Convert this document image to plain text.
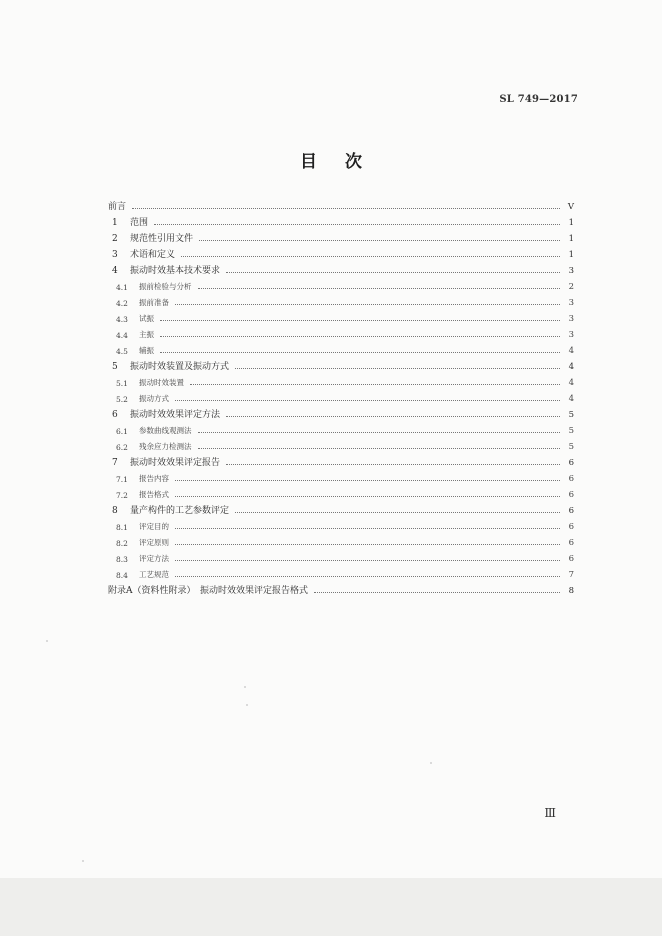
SL 749—2017
目次
前言	V
1	范围	1
2	规范性引用文件	1
3	术语和定义	1
4	振动时效基本技术要求	3
4.1	振前检验与分析	2
4.2	振前准备	3
4.3	试振	3
4.4	主振	3
4.5	辅振	4
5	振动时效装置及振动方式	4
5.1	振动时效装置	4
5.2	振动方式	4
6	振动时效效果评定方法	5
6.1	参数曲线观测法	5
6.2	残余应力检测法	5
7	振动时效效果评定报告	6
7.1	报告内容	6
7.2	报告格式	6
8	量产构件的工艺参数评定	6
8.1	评定目的	6
8.2	评定原则	6
8.3	评定方法	6
8.4	工艺规范	7
附录A（资料性附录）　振动时效效果评定报告格式	8
Ⅲ
